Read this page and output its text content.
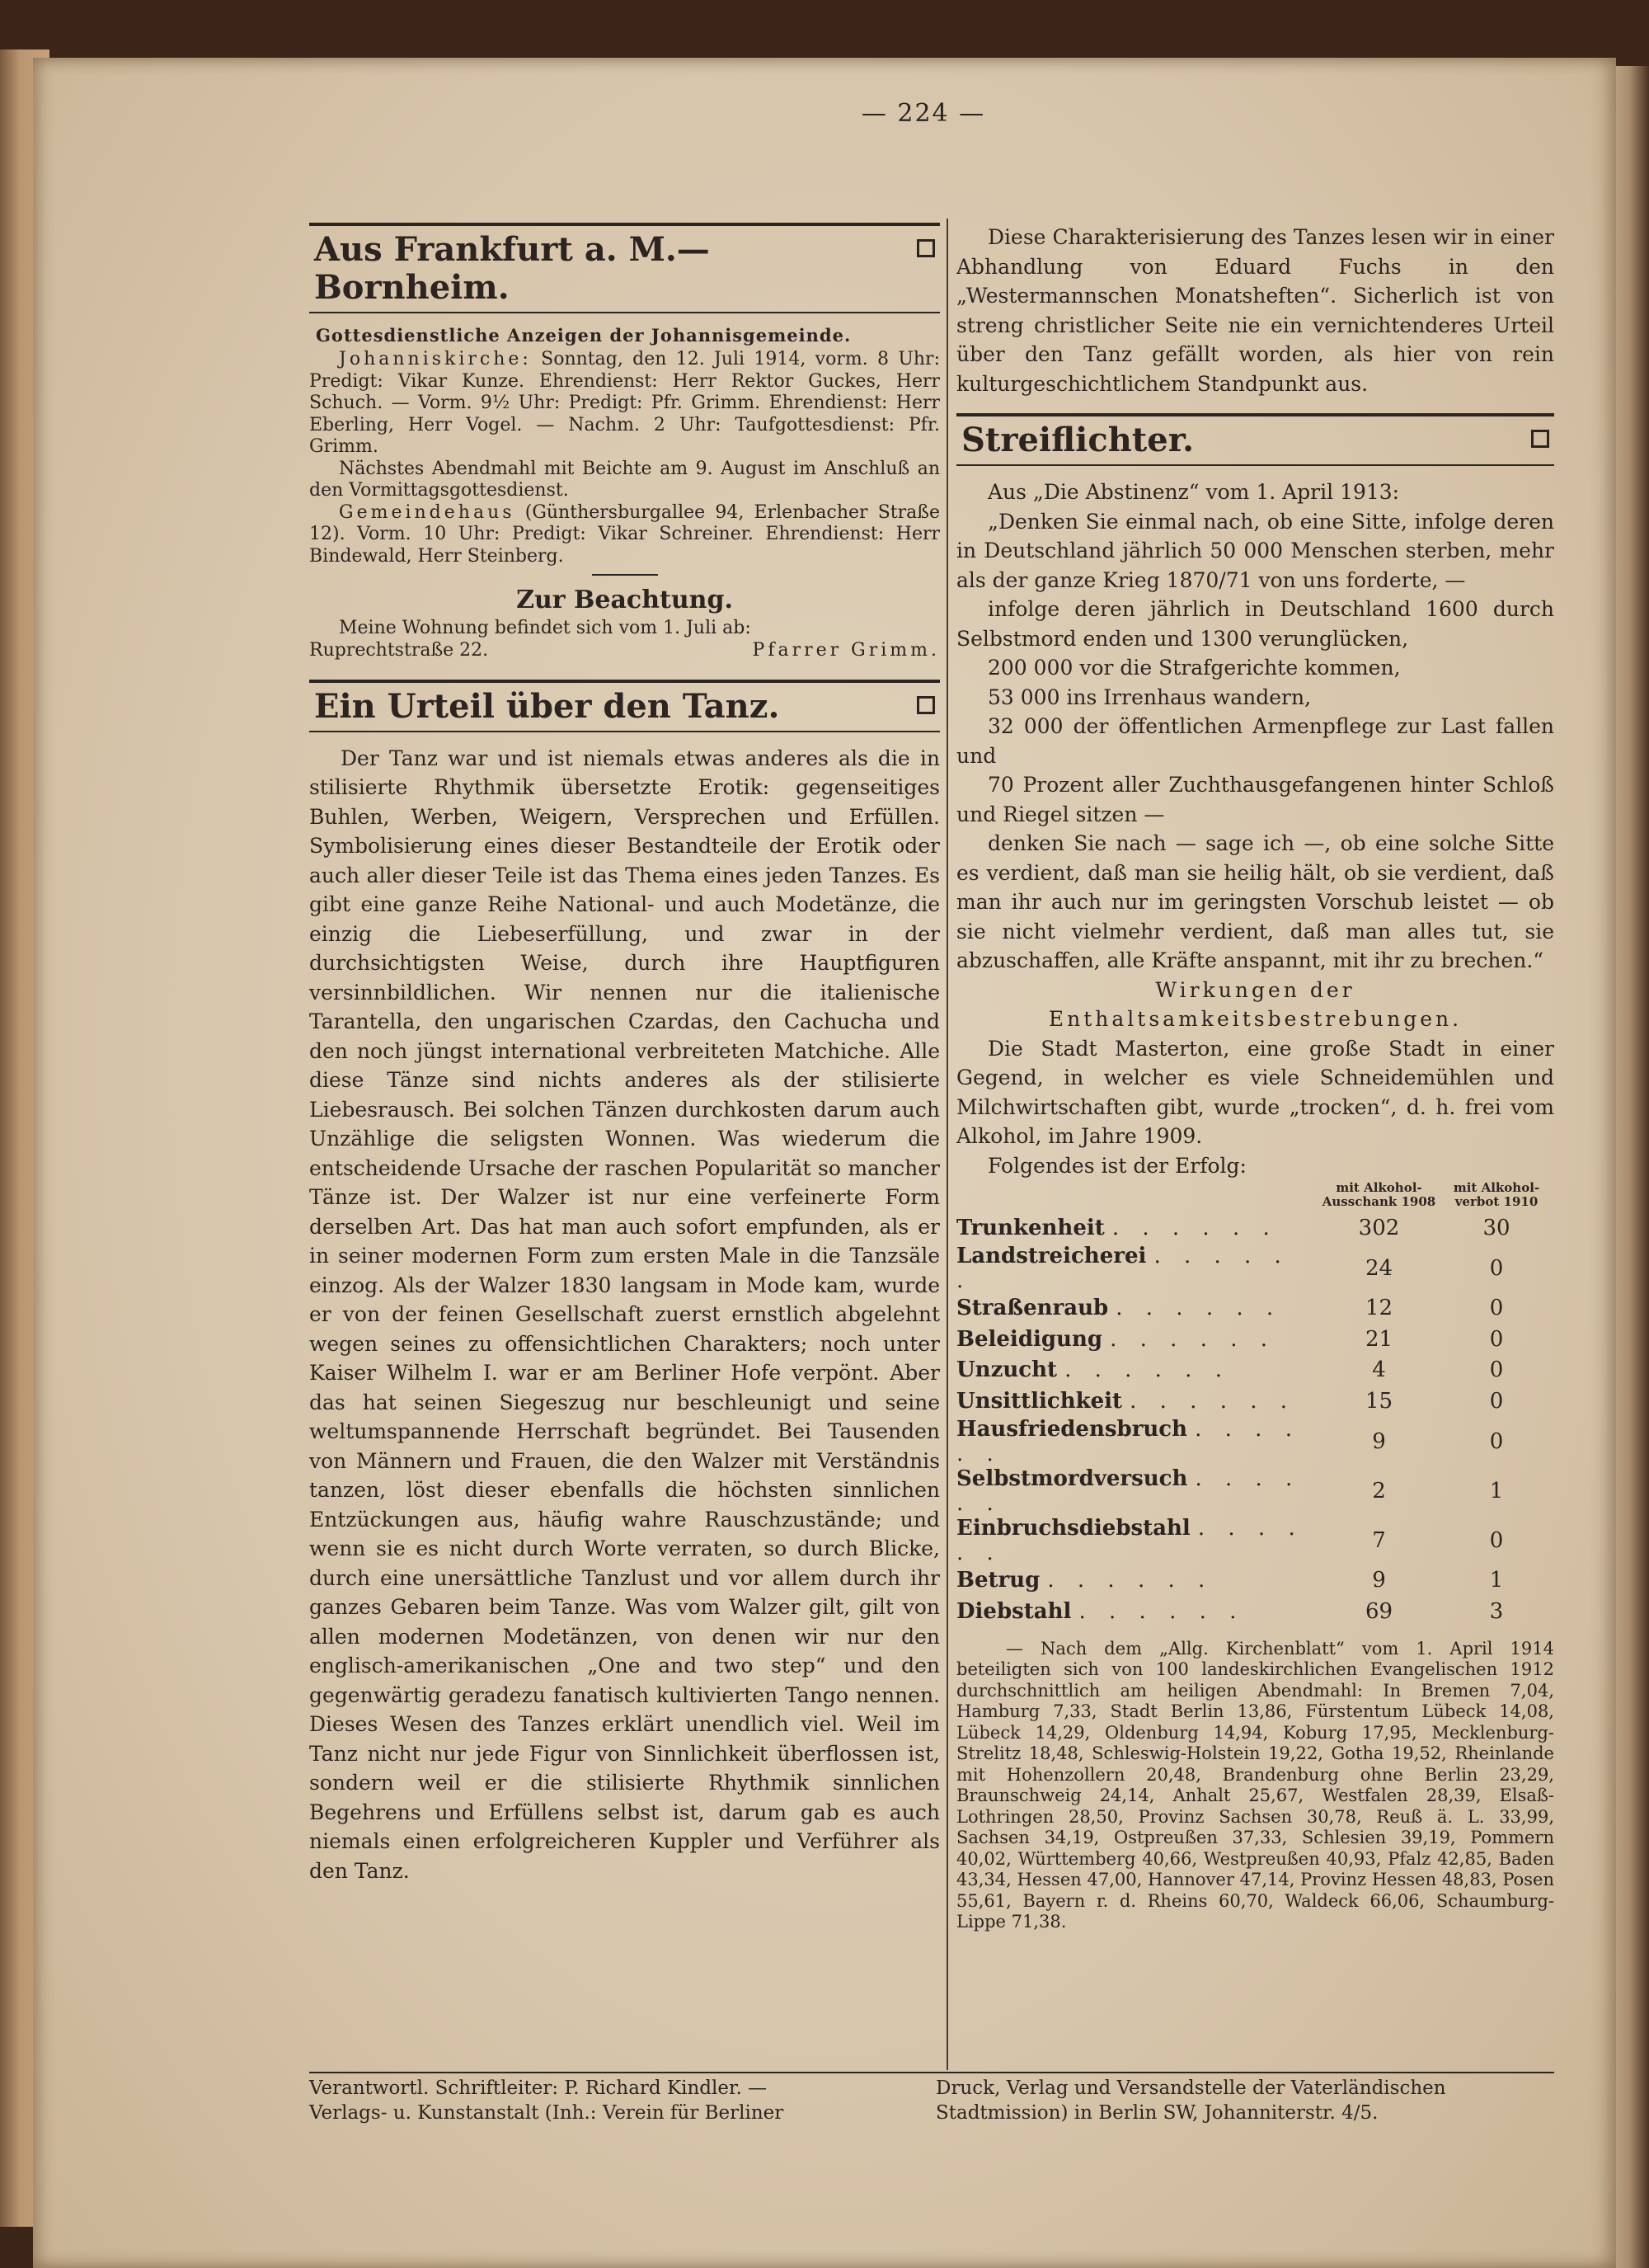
— 224 —
Aus Frankfurt a. M.—Bornheim.
Gottesdienstliche Anzeigen der Johannisgemeinde.

Johanniskirche: Sonntag, den 12. Juli 1914, vorm. 8 Uhr: Predigt: Vikar Kunze. Ehrendienst: Herr Rektor Guckes, Herr Schuch. — Vorm. 9½ Uhr: Predigt: Pfr. Grimm. Ehrendienst: Herr Eberling, Herr Vogel. — Nachm. 2 Uhr: Taufgottesdienst: Pfr. Grimm.

Nächstes Abendmahl mit Beichte am 9. August im Anschluß an den Vormittagsgottesdienst.

Gemeindehaus (Günthersburgallee 94, Erlenbacher Straße 12). Vorm. 10 Uhr: Predigt: Vikar Schreiner. Ehrendienst: Herr Bindewald, Herr Steinberg.

Zur Beachtung.

Meine Wohnung befindet sich vom 1. Juli ab:

Ruprechtstraße 22.	Pfarrer Grimm.
Ein Urteil über den Tanz.

Der Tanz war und ist niemals etwas anderes als die in stilisierte Rhythmik übersetzte Erotik: gegenseitiges Buhlen, Werben, Weigern, Versprechen und Erfüllen. Symbolisierung eines dieser Bestandteile der Erotik oder auch aller dieser Teile ist das Thema eines jeden Tanzes. Es gibt eine ganze Reihe National- und auch Modetänze, die einzig die Liebeserfüllung, und zwar in der durchsichtigsten Weise, durch ihre Hauptfiguren versinnbildlichen. Wir nennen nur die italienische Tarantella, den ungarischen Czardas, den Cachucha und den noch jüngst international verbreiteten Matchiche. Alle diese Tänze sind nichts anderes als der stilisierte Liebesrausch. Bei solchen Tänzen durchkosten darum auch Unzählige die seligsten Wonnen. Was wiederum die entscheidende Ursache der raschen Popularität so mancher Tänze ist. Der Walzer ist nur eine verfeinerte Form derselben Art. Das hat man auch sofort empfunden, als er in seiner modernen Form zum ersten Male in die Tanzsäle einzog. Als der Walzer 1830 langsam in Mode kam, wurde er von der feinen Gesellschaft zuerst ernstlich abgelehnt wegen seines zu offensichtlichen Charakters; noch unter Kaiser Wilhelm I. war er am Berliner Hofe verpönt. Aber das hat seinen Siegeszug nur beschleunigt und seine weltumspannende Herrschaft begründet. Bei Tausenden von Männern und Frauen, die den Walzer mit Verständnis tanzen, löst dieser ebenfalls die höchsten sinnlichen Entzückungen aus, häufig wahre Rauschzustände; und wenn sie es nicht durch Worte verraten, so durch Blicke, durch eine unersättliche Tanzlust und vor allem durch ihr ganzes Gebaren beim Tanze. Was vom Walzer gilt, gilt von allen modernen Modetänzen, von denen wir nur den englisch-amerikanischen „One and two step“ und den gegenwärtig geradezu fanatisch kultivierten Tango nennen. Dieses Wesen des Tanzes erklärt unendlich viel. Weil im Tanz nicht nur jede Figur von Sinnlichkeit überflossen ist, sondern weil er die stilisierte Rhythmik sinnlichen Begehrens und Erfüllens selbst ist, darum gab es auch niemals einen erfolgreicheren Kuppler und Verführer als den Tanz.

Diese Charakterisierung des Tanzes lesen wir in einer Abhandlung von Eduard Fuchs in den „Westermannschen Monatsheften“. Sicherlich ist von streng christlicher Seite nie ein vernichtenderes Urteil über den Tanz gefällt worden, als hier von rein kulturgeschichtlichem Standpunkt aus.

Streiflichter.

Aus „Die Abstinenz“ vom 1. April 1913:

„Denken Sie einmal nach, ob eine Sitte, infolge deren in Deutschland jährlich 50 000 Menschen sterben, mehr als der ganze Krieg 1870/71 von uns forderte, —

infolge deren jährlich in Deutschland 1600 durch Selbstmord enden und 1300 verunglücken,

200 000 vor die Strafgerichte kommen,

53 000 ins Irrenhaus wandern,

32 000 der öffentlichen Armenpflege zur Last fallen und

70 Prozent aller Zuchthausgefangenen hinter Schloß und Riegel sitzen —

denken Sie nach — sage ich —, ob eine solche Sitte es verdient, daß man sie heilig hält, ob sie verdient, daß man ihr auch nur im geringsten Vorschub leistet — ob sie nicht vielmehr verdient, daß man alles tut, sie abzuschaffen, alle Kräfte anspannt, mit ihr zu brechen.“

Wirkungen der Enthaltsamkeitsbestrebungen.

Die Stadt Masterton, eine große Stadt in einer Gegend, in welcher es viele Schneidemühlen und Milchwirtschaften gibt, wurde „trocken“, d. h. frei vom Alkohol, im Jahre 1909.

Folgendes ist der Erfolg:

	mit Alkohol-Ausschank 1908	mit Alkohol-verbot 1910
Trunkenheit . . . . . .	302	30
Landstreicherei . . . . . .	24	0
Straßenraub . . . . . .	12	0
Beleidigung . . . . . .	21	0
Unzucht . . . . . .	4	0
Unsittlichkeit . . . . . .	15	0
Hausfriedensbruch . . . . . .	9	0
Selbstmordversuch . . . . . .	2	1
Einbruchsdiebstahl . . . . . .	7	0
Betrug . . . . . .	9	1
Diebstahl . . . . . .	69	3

— Nach dem „Allg. Kirchenblatt“ vom 1. April 1914 beteiligten sich von 100 landeskirchlichen Evangelischen 1912 durchschnittlich am heiligen Abendmahl: In Bremen 7,04, Hamburg 7,33, Stadt Berlin 13,86, Fürstentum Lübeck 14,08, Lübeck 14,29, Oldenburg 14,94, Koburg 17,95, Mecklenburg-Strelitz 18,48, Schleswig-Holstein 19,22, Gotha 19,52, Rheinlande mit Hohenzollern 20,48, Brandenburg ohne Berlin 23,29, Braunschweig 24,14, Anhalt 25,67, Westfalen 28,39, Elsaß-Lothringen 28,50, Provinz Sachsen 30,78, Reuß ä. L. 33,99, Sachsen 34,19, Ostpreußen 37,33, Schlesien 39,19, Pommern 40,02, Württemberg 40,66, Westpreußen 40,93, Pfalz 42,85, Baden 43,34, Hessen 47,00, Hannover 47,14, Provinz Hessen 48,83, Posen 55,61, Bayern r. d. Rheins 60,70, Waldeck 66,06, Schaumburg-Lippe 71,38.

Verantwortl. Schriftleiter: P. Richard Kindler. —
Verlags- u. Kunstanstalt (Inh.: Verein für Berliner
Druck, Verlag und Versandstelle der Vaterländischen
Stadtmission) in Berlin SW, Johanniterstr. 4/5.
